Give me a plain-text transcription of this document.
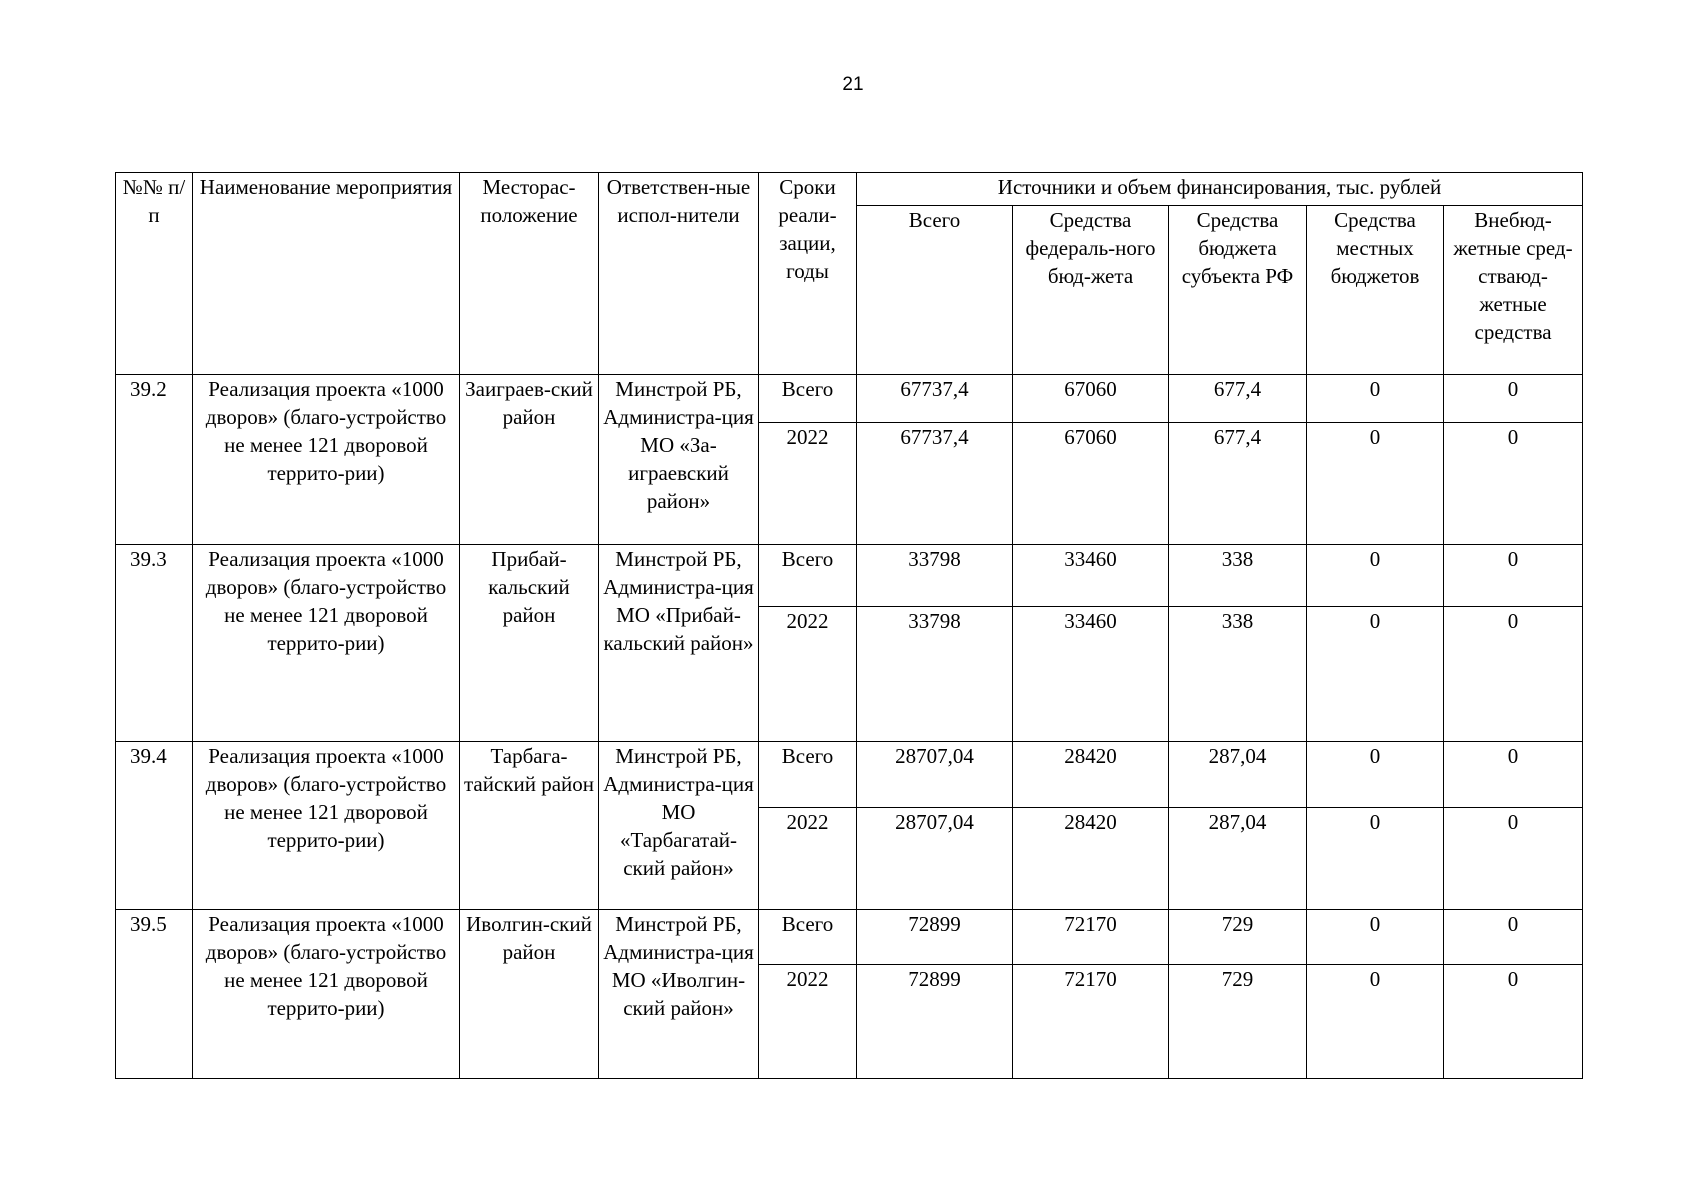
21
№№ п/п	Наименование мероприятия	Месторас-положение	Ответствен-ные испол-нители	Сроки реали-зации, годы	Источники и объем финансирования, тыс. рублей				
					Всего	Средства федераль-ного бюд-жета	Средства бюджета субъекта РФ	Средства местных бюджетов	Внебюд-жетные сред-стваюд-жетные средства
39.2	Реализация проекта «1000 дворов» (благо-устройство не менее 121 дворовой террито-рии)	Заиграев-ский район	Минстрой РБ, Администра-ция МО «За-играевский район»	Всего	67737,4	67060	677,4	0	0
				2022	67737,4	67060	677,4	0	0
39.3	Реализация проекта «1000 дворов» (благо-устройство не менее 121 дворовой террито-рии)	Прибай-кальский район	Минстрой РБ, Администра-ция МО «Прибай-кальский район»	Всего	33798	33460	338	0	0
				2022	33798	33460	338	0	0
39.4	Реализация проекта «1000 дворов» (благо-устройство не менее 121 дворовой террито-рии)	Тарбага-тайский район	Минстрой РБ, Администра-ция МО «Тарбагатай-ский район»	Всего	28707,04	28420	287,04	0	0
				2022	28707,04	28420	287,04	0	0
39.5	Реализация проекта «1000 дворов» (благо-устройство не менее 121 дворовой террито-рии)	Иволгин-ский район	Минстрой РБ, Администра-ция МО «Иволгин-ский район»	Всего	72899	72170	729	0	0
				2022	72899	72170	729	0	0
